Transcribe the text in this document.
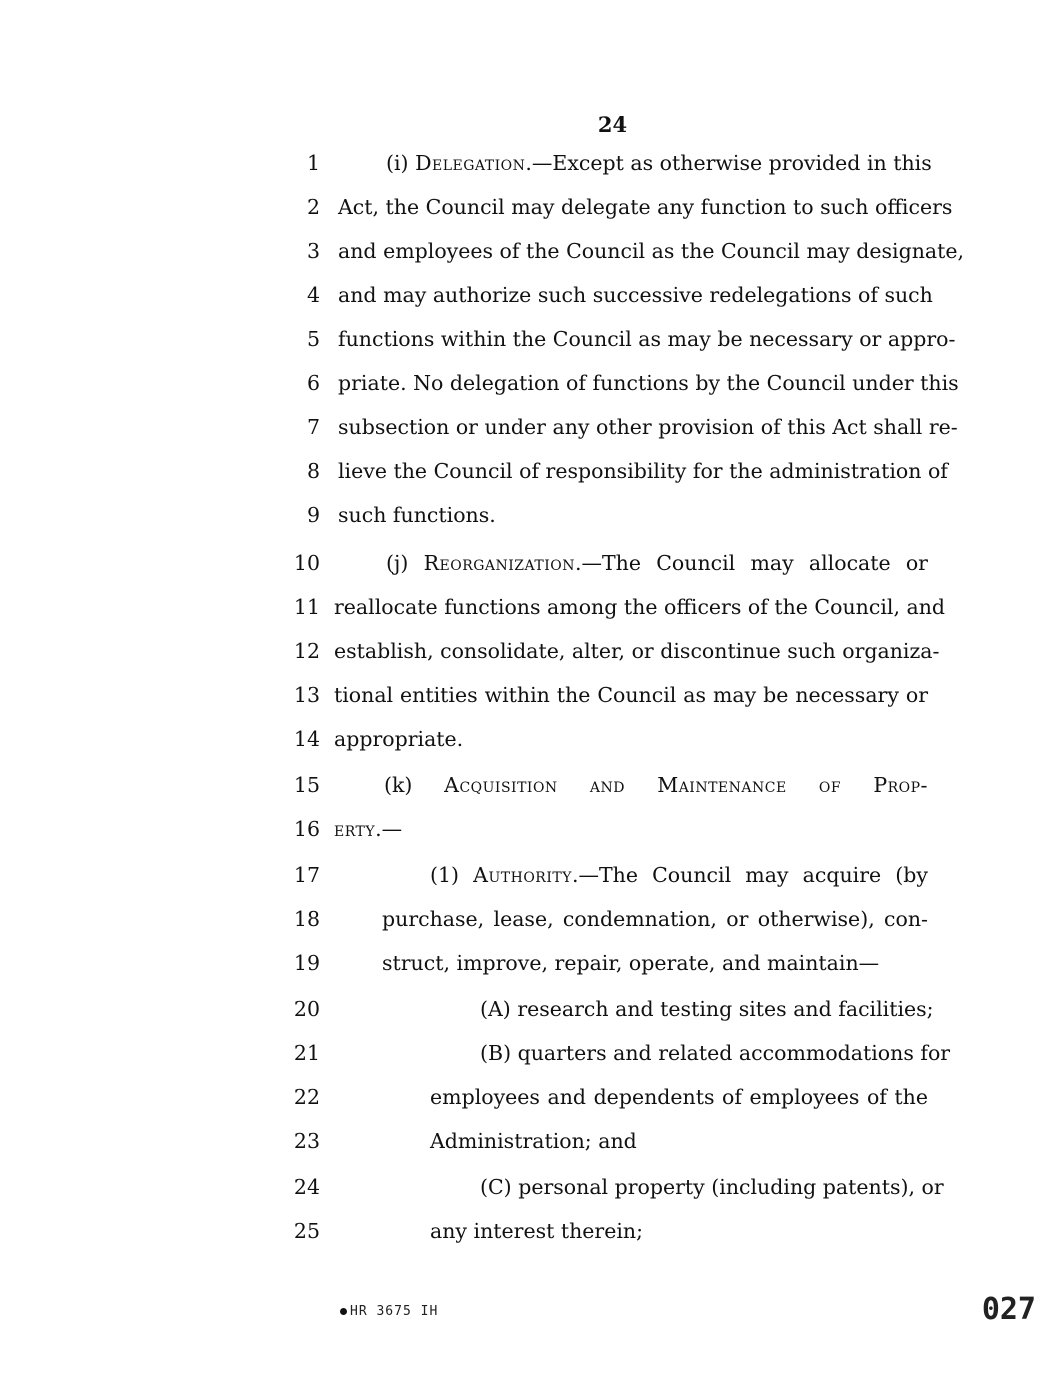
24
1	(i) Delegation.—Except as otherwise provided in this
2 Act, the Council may delegate any function to such officers
3 and employees of the Council as the Council may designate,
4 and may authorize such successive redelegations of such
5 functions within the Council as may be necessary or appro-
6 priate. No delegation of functions by the Council under this
7 subsection or under any other provision of this Act shall re-
8 lieve the Council of responsibility for the administration of
9 such functions.
10	(j) Reorganization.—The Council may allocate or
11 reallocate functions among the officers of the Council, and
12 establish, consolidate, alter, or discontinue such organiza-
13 tional entities within the Council as may be necessary or
14 appropriate.
15	(k) Acquisition and Maintenance of Prop-
16 erty.—
17	(1) Authority.—The Council may acquire (by
18	purchase, lease, condemnation, or otherwise), con-
19	struct, improve, repair, operate, and maintain—
20	(A) research and testing sites and facilities;
21	(B) quarters and related accommodations for
22	employees and dependents of employees of the
23	Administration; and
24	(C) personal property (including patents), or
25	any interest therein;
HR 3675 IH	027
